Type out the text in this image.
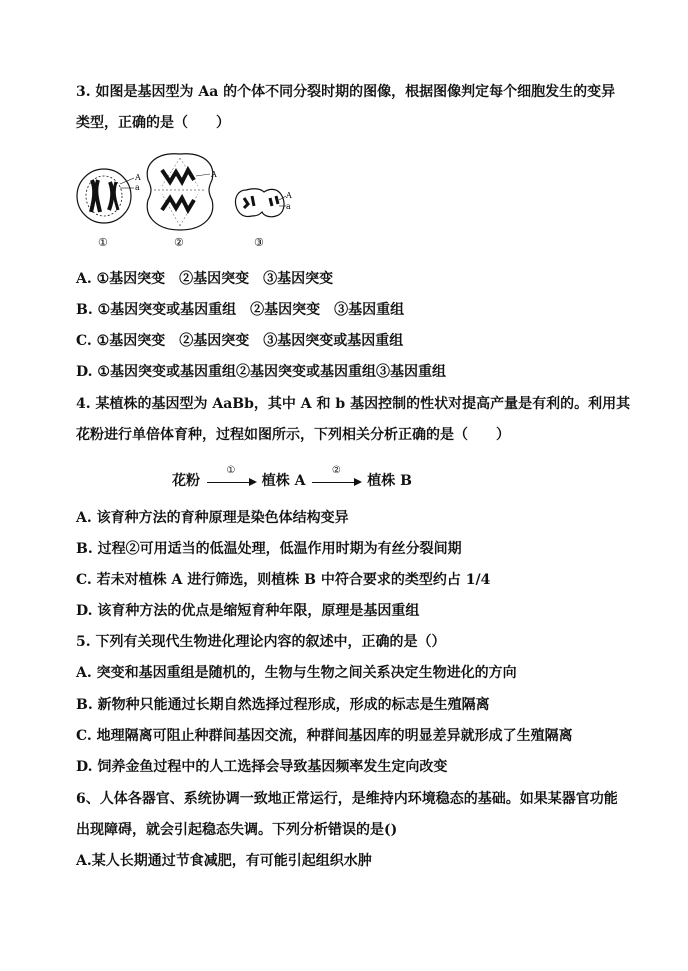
3. 如图是基因型为 Aa 的个体不同分裂时期的图像，根据图像判定每个细胞发生的变异
类型，正确的是（　　）
A
a
①
A
②
A
a
③
A. ①基因突变　②基因突变　③基因突变
B. ①基因突变或基因重组　②基因突变　③基因重组
C. ①基因突变　②基因突变　③基因突变或基因重组
D. ①基因突变或基因重组②基因突变或基因重组③基因重组
4. 某植株的基因型为 AaBb，其中 A 和 b 基因控制的性状对提高产量是有利的。利用其
花粉进行单倍体育种，过程如图所示，下列相关分析正确的是（　　）
花粉
①
植株 A
②
植株 B
A. 该育种方法的育种原理是染色体结构变异
B. 过程②可用适当的低温处理，低温作用时期为有丝分裂间期
C. 若未对植株 A 进行筛选，则植株 B 中符合要求的类型约占 1/4
D. 该育种方法的优点是缩短育种年限，原理是基因重组
5. 下列有关现代生物进化理论内容的叙述中，正确的是（）
A. 突变和基因重组是随机的，生物与生物之间关系决定生物进化的方向
B. 新物种只能通过长期自然选择过程形成，形成的标志是生殖隔离
C. 地理隔离可阻止种群间基因交流，种群间基因库的明显差异就形成了生殖隔离
D. 饲养金鱼过程中的人工选择会导致基因频率发生定向改变
6、人体各器官、系统协调一致地正常运行，是维持内环境稳态的基础。如果某器官功能
出现障碍，就会引起稳态失调。下列分析错误的是()
A.某人长期通过节食减肥，有可能引起组织水肿
